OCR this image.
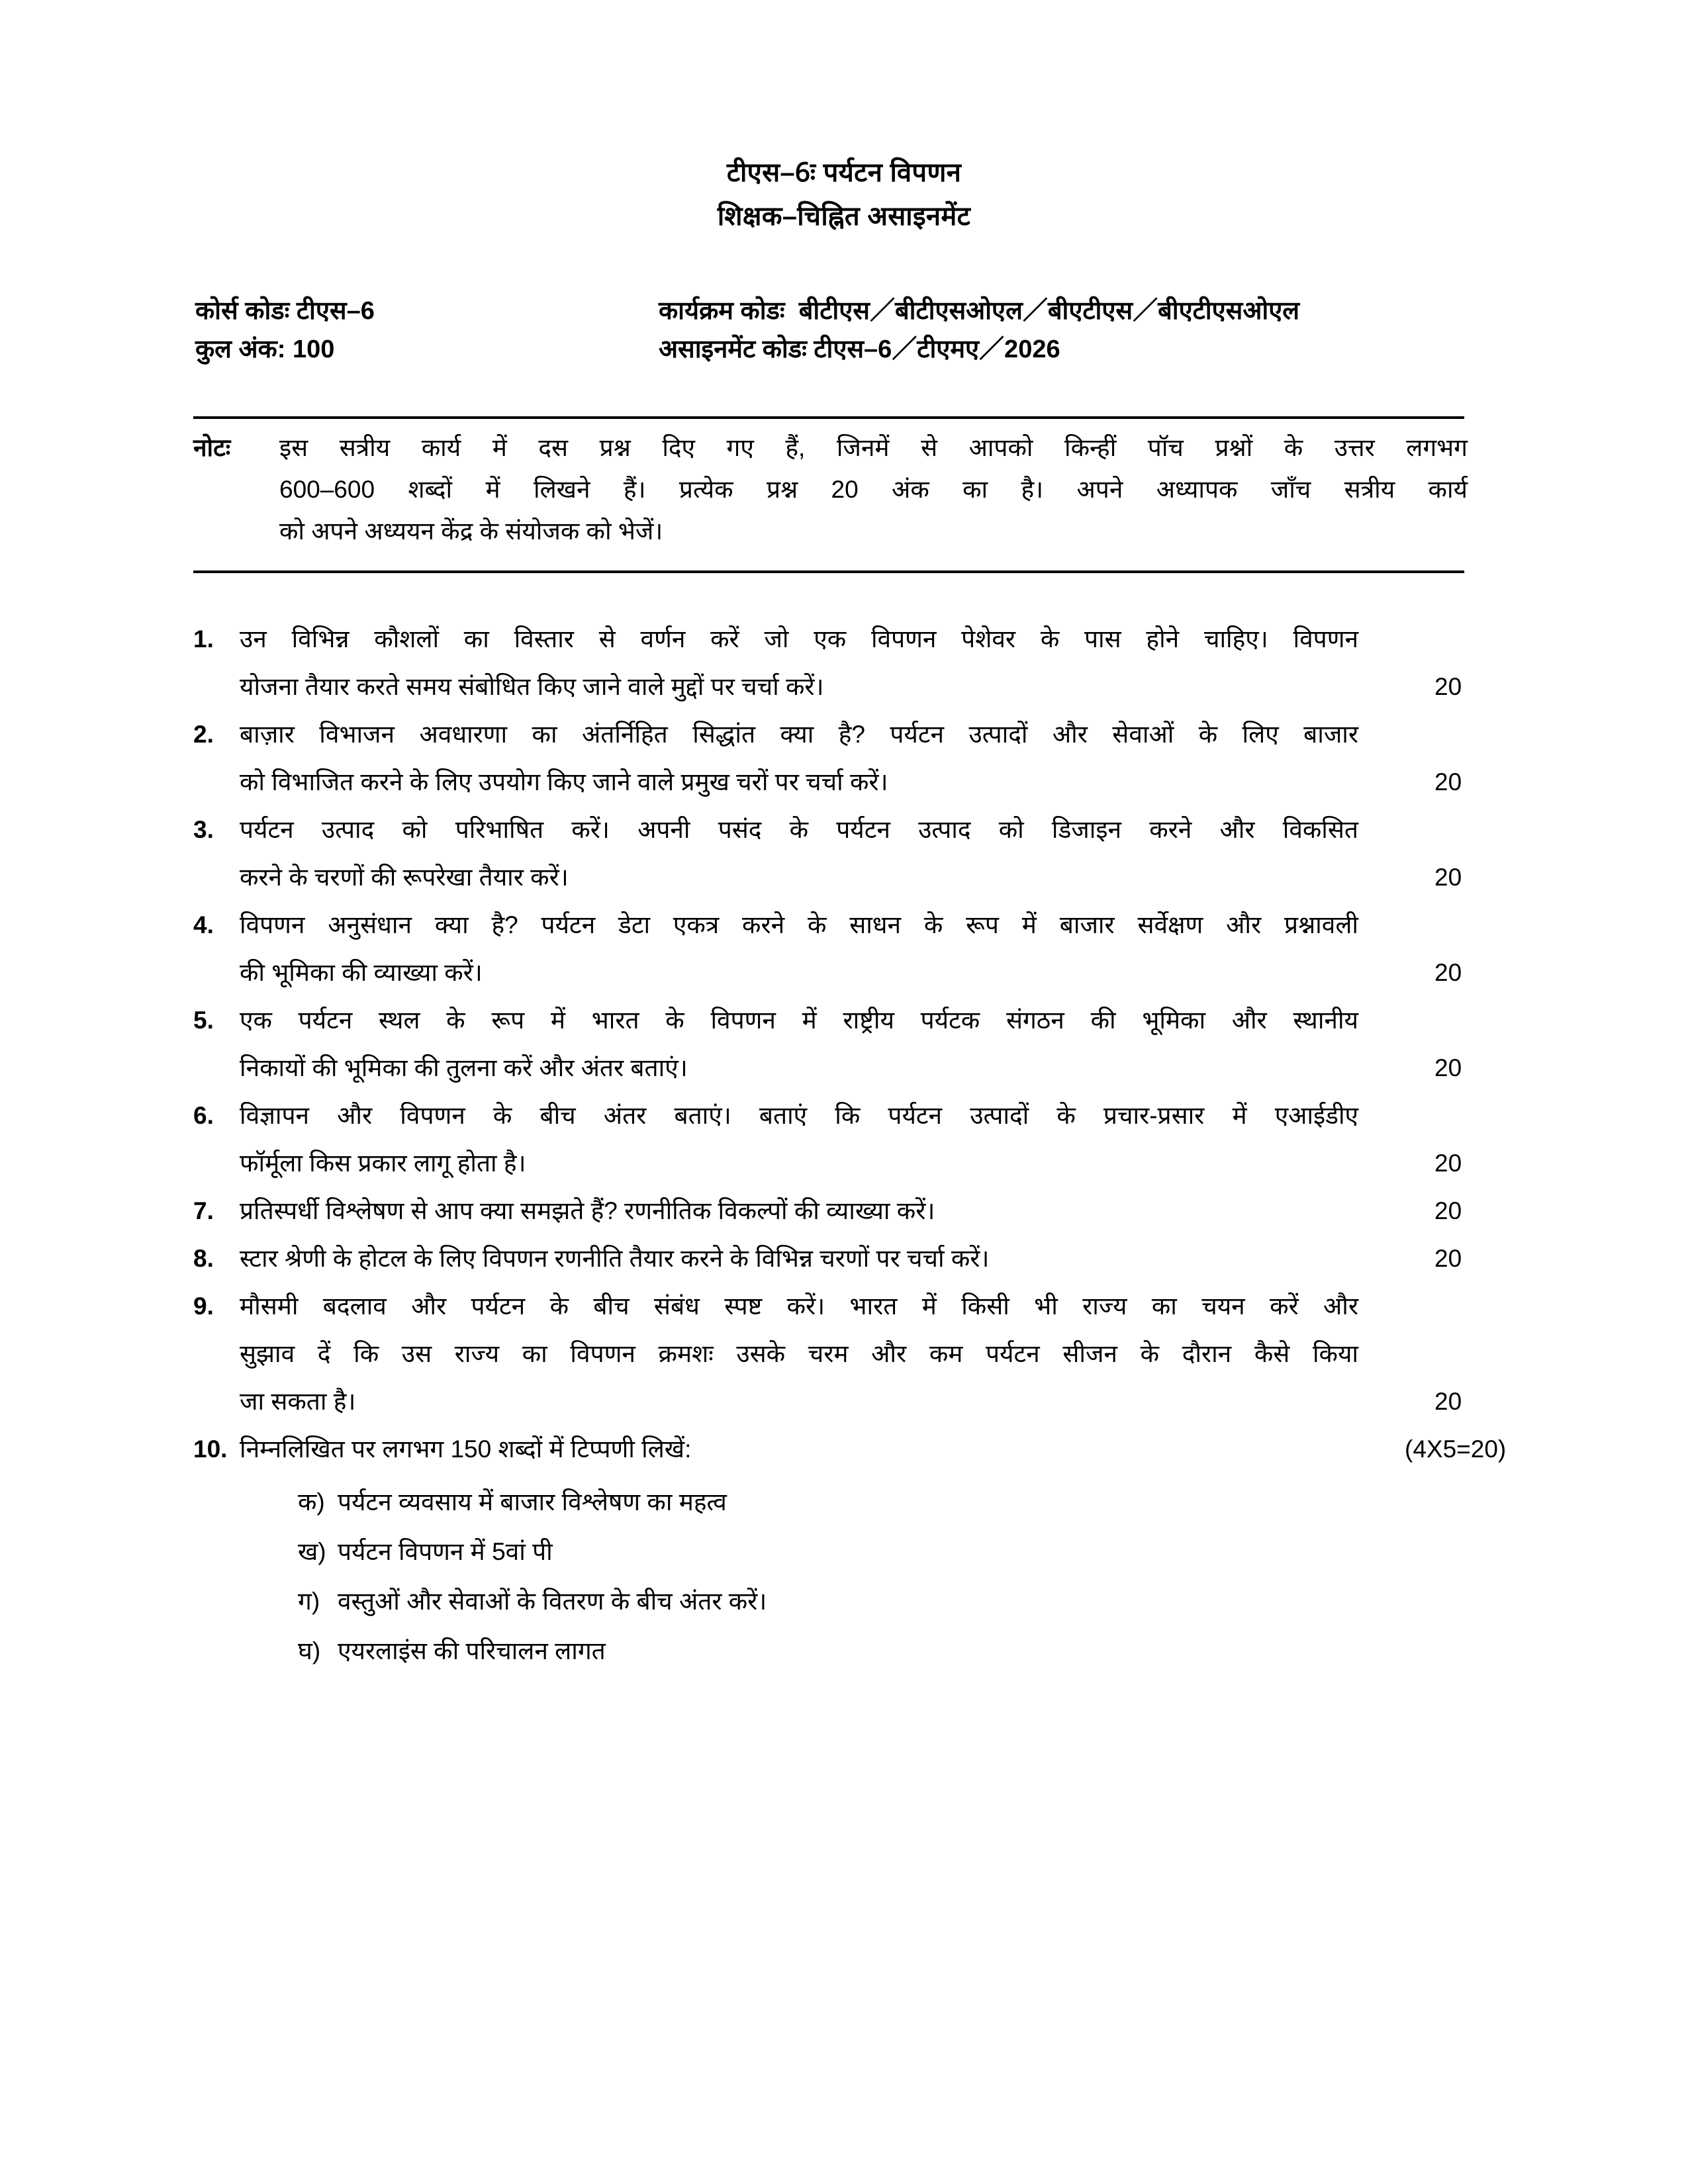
टीएस–6ः पर्यटन विपणन
शिक्षक–चिह्नित असाइनमेंट
कोर्स कोडः टीएस–6	कार्यक्रम कोडः बीटीएस／बीटीएसओएल／बीएटीएस／बीएटीएसओएल
कुल अंक: 100	असाइनमेंट कोडः टीएस–6／टीएमए／2026
नोटः	इस सत्रीय कार्य में दस प्रश्न दिए गए हैं, जिनमें से आपको किन्हीं पॉच प्रश्नों के उत्तर लगभग
600–600 शब्दों में लिखने हैं। प्रत्येक प्रश्न 20 अंक का है। अपने अध्यापक जॉंच सत्रीय कार्य
को अपने अध्ययन केंद्र के संयोजक को भेजें।
1.	उन विभिन्न कौशलों का विस्तार से वर्णन करें जो एक विपणन पेशेवर के पास होने चाहिए। विपणन
योजना तैयार करते समय संबोधित किए जाने वाले मुद्दों पर चर्चा करें।	20
2.	बाज़ार विभाजन अवधारणा का अंतर्निहित सिद्धांत क्या है? पर्यटन उत्पादों और सेवाओं के लिए बाजार
को विभाजित करने के लिए उपयोग किए जाने वाले प्रमुख चरों पर चर्चा करें।	20
3.	पर्यटन उत्पाद को परिभाषित करें। अपनी पसंद के पर्यटन उत्पाद को डिजाइन करने और विकसित
करने के चरणों की रूपरेखा तैयार करें।	20
4.	विपणन अनुसंधान क्या है? पर्यटन डेटा एकत्र करने के साधन के रूप में बाजार सर्वेक्षण और प्रश्नावली
की भूमिका की व्याख्या करें।	20
5.	एक पर्यटन स्थल के रूप में भारत के विपणन में राष्ट्रीय पर्यटक संगठन की भूमिका और स्थानीय
निकायों की भूमिका की तुलना करें और अंतर बताएं।	20
6.	विज्ञापन और विपणन के बीच अंतर बताएं। बताएं कि पर्यटन उत्पादों के प्रचार-प्रसार में एआईडीए
फॉर्मूला किस प्रकार लागू होता है।	20
7.	प्रतिस्पर्धी विश्लेषण से आप क्या समझते हैं? रणनीतिक विकल्पों की व्याख्या करें।	20
8.	स्टार श्रेणी के होटल के लिए विपणन रणनीति तैयार करने के विभिन्न चरणों पर चर्चा करें।	20
9.	मौसमी बदलाव और पर्यटन के बीच संबंध स्पष्ट करें। भारत में किसी भी राज्य का चयन करें और
सुझाव दें कि उस राज्य का विपणन क्रमशः उसके चरम और कम पर्यटन सीजन के दौरान कैसे किया
जा सकता है।	20
10. निम्नलिखित पर लगभग 150 शब्दों में टिप्पणी लिखें:	(4X5=20)
क) पर्यटन व्यवसाय में बाजार विश्लेषण का महत्व
ख) पर्यटन विपणन में 5वां पी
ग) वस्तुओं और सेवाओं के वितरण के बीच अंतर करें।
घ) एयरलाइंस की परिचालन लागत
